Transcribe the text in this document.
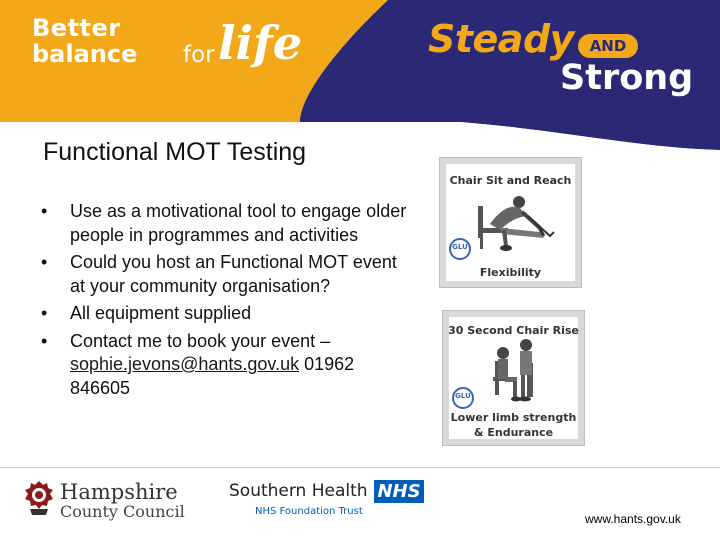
Better
balance for life	Steady	AND
Strong
Functional MOT Testing
• Use as a motivational tool to engage older people in programmes and activities
• Could you host an Functional MOT event at your community organisation?
• All equipment supplied
• Contact me to book your event – sophie.jevons@hants.gov.uk 01962 846605
Chair Sit and Reach
GLU
Flexibility
30 Second Chair Rise
GLU
Lower limb strength
& Endurance
Hampshire
County Council
Southern Health NHS
NHS Foundation Trust
www.hants.gov.uk
